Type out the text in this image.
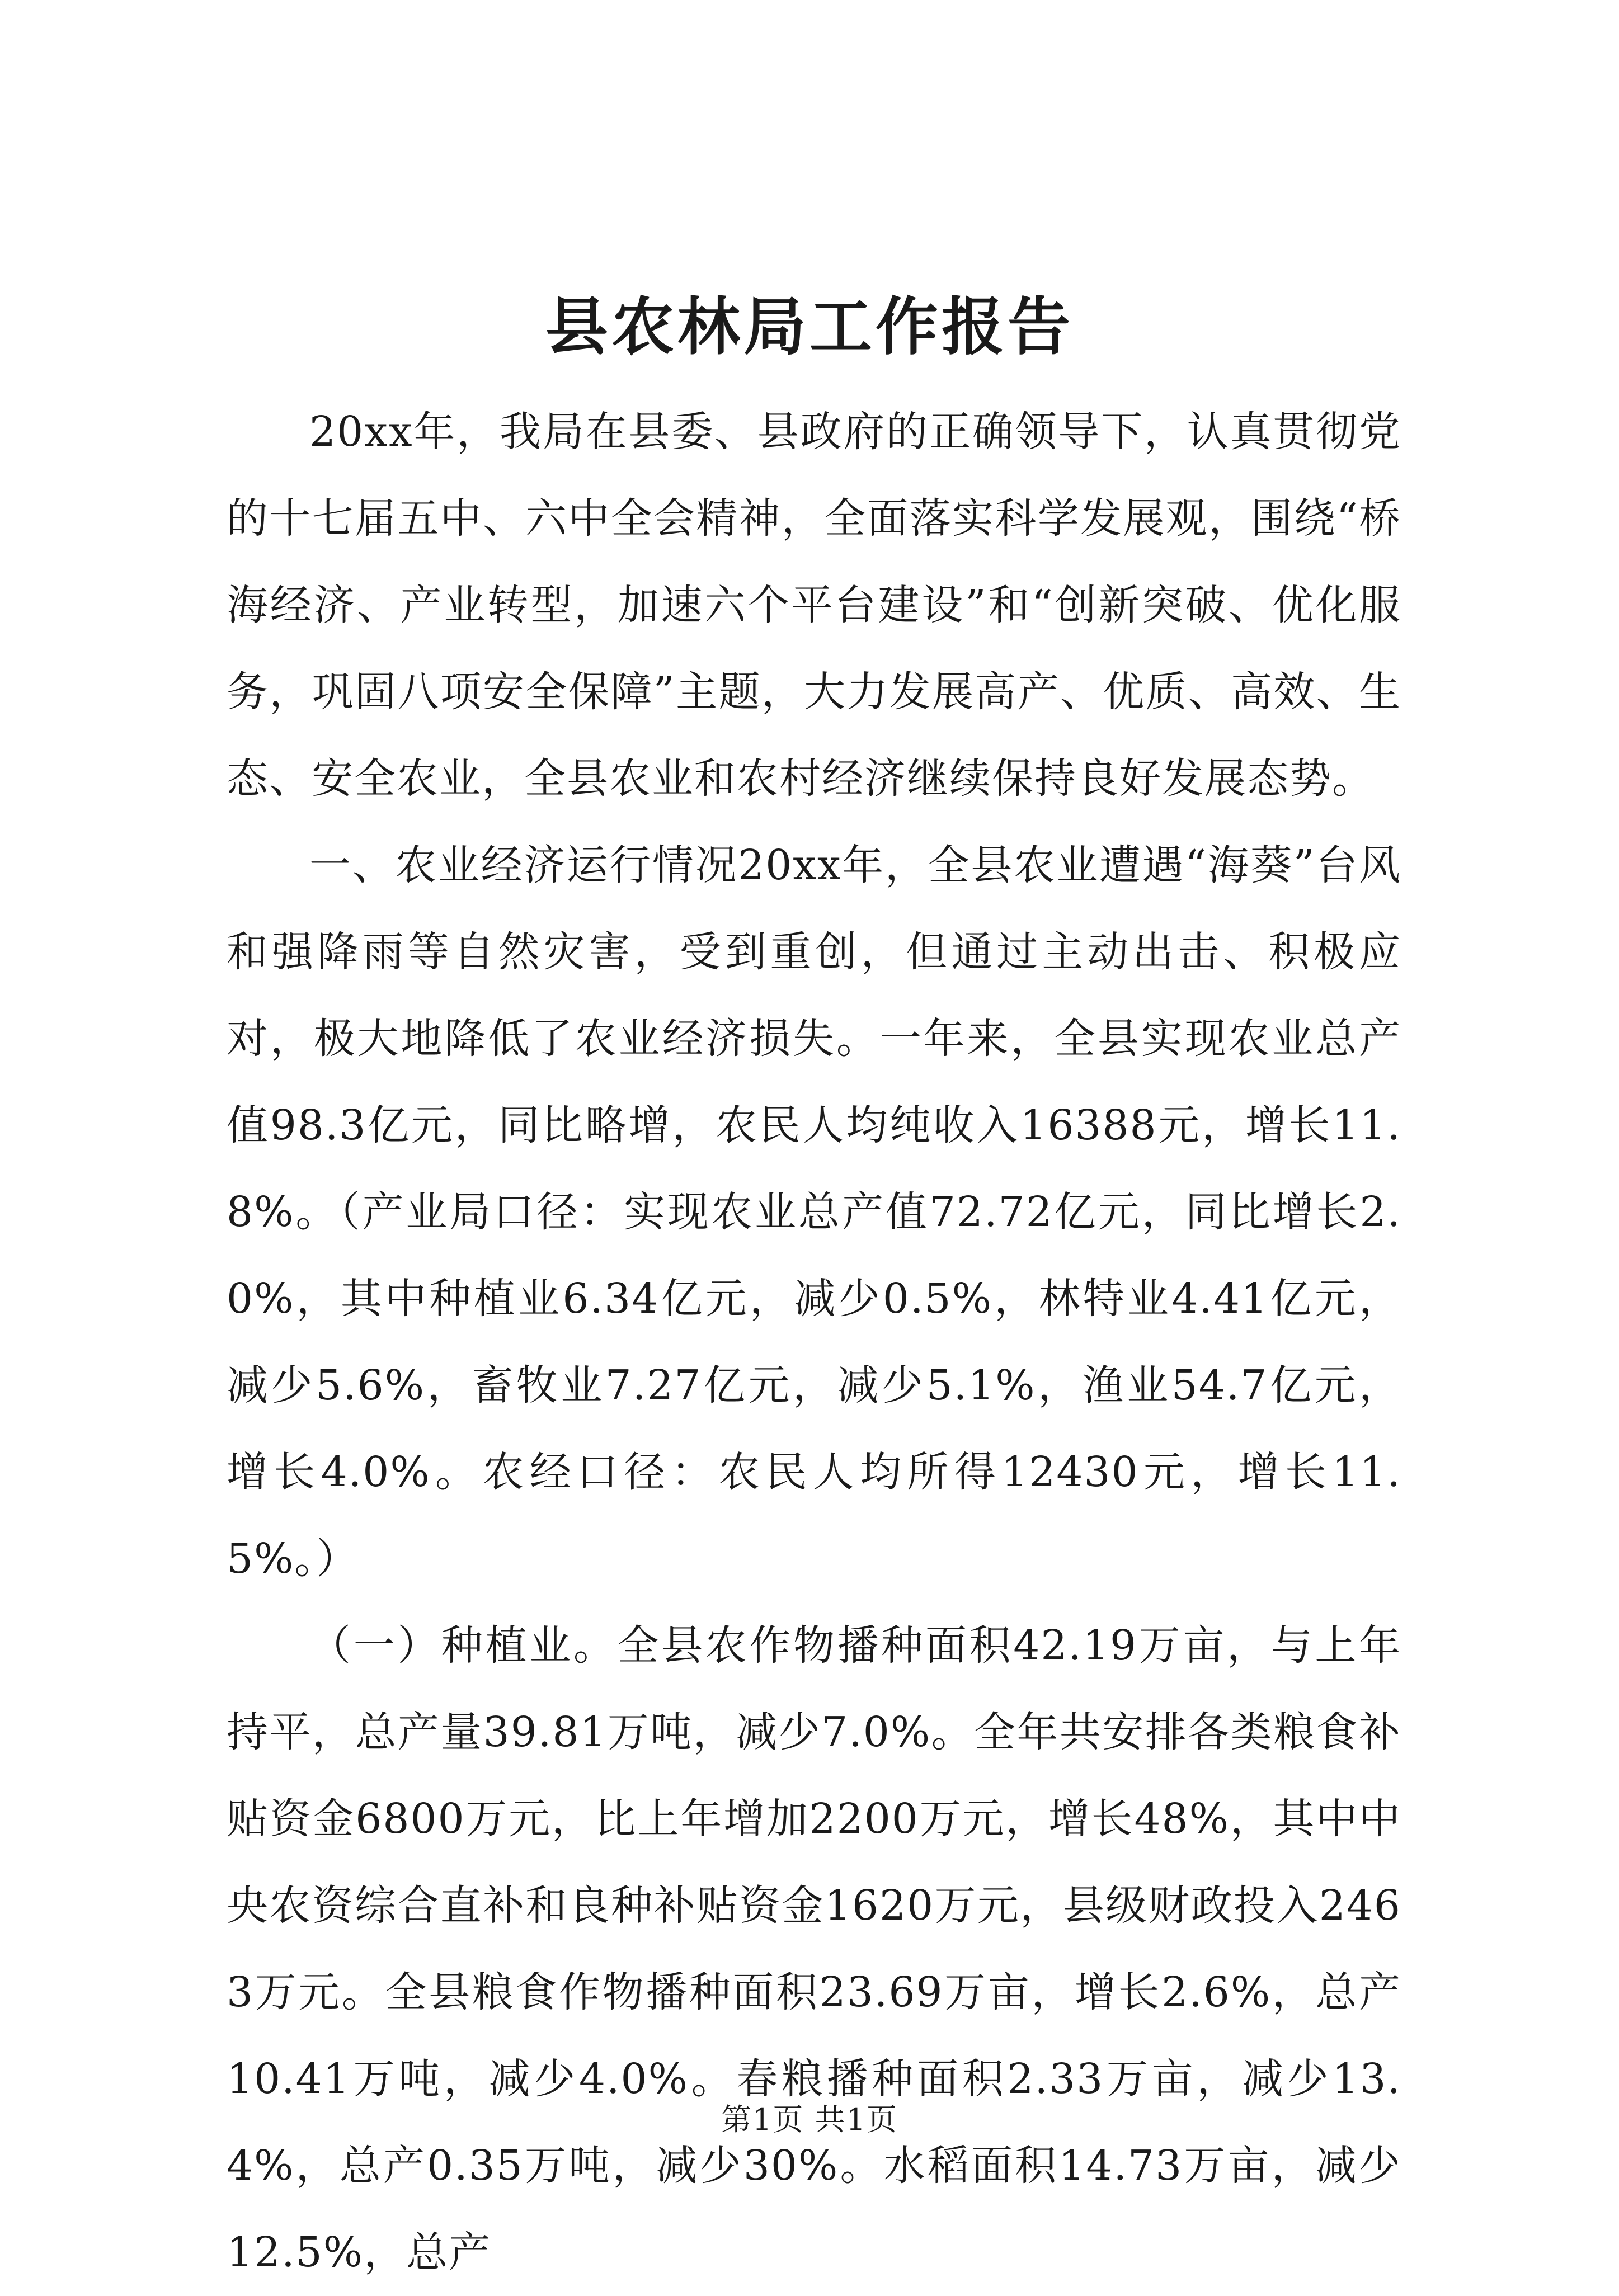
县农林局工作报告

20xx年，我局在县委、县政府的正确领导下，认真贯彻党的十七届五中、六中全会精神，全面落实科学发展观，围绕“桥海经济、产业转型，加速六个平台建设”和“创新突破、优化服务，巩固八项安全保障”主题，大力发展高产、优质、高效、生态、安全农业，全县农业和农村经济继续保持良好发展态势。

一、农业经济运行情况20xx年，全县农业遭遇“海葵”台风和强降雨等自然灾害，受到重创，但通过主动出击、积极应对，极大地降低了农业经济损失。一年来，全县实现农业总产值98.3亿元，同比略增，农民人均纯收入16388元，增长11.8%。（产业局口径：实现农业总产值72.72亿元，同比增长2.0%，其中种植业6.34亿元，减少0.5%，林特业4.41亿元，减少5.6%，畜牧业7.27亿元，减少5.1%，渔业54.7亿元，增长4.0%。农经口径：农民人均所得12430元，增长11.5%。）

（一）种植业。全县农作物播种面积42.19万亩，与上年持平，总产量39.81万吨，减少7.0%。全年共安排各类粮食补贴资金6800万元，比上年增加2200万元，增长48%，其中中央农资综合直补和良种补贴资金1620万元，县级财政投入2463万元。全县粮食作物播种面积23.69万亩，增长2.6%，总产10.41万吨，减少4.0%。春粮播种面积2.33万亩，减少13.4%，总产0.35万吨，减少30%。水稻面积14.73万亩，减少12.5%，总产

第1页 共1页
